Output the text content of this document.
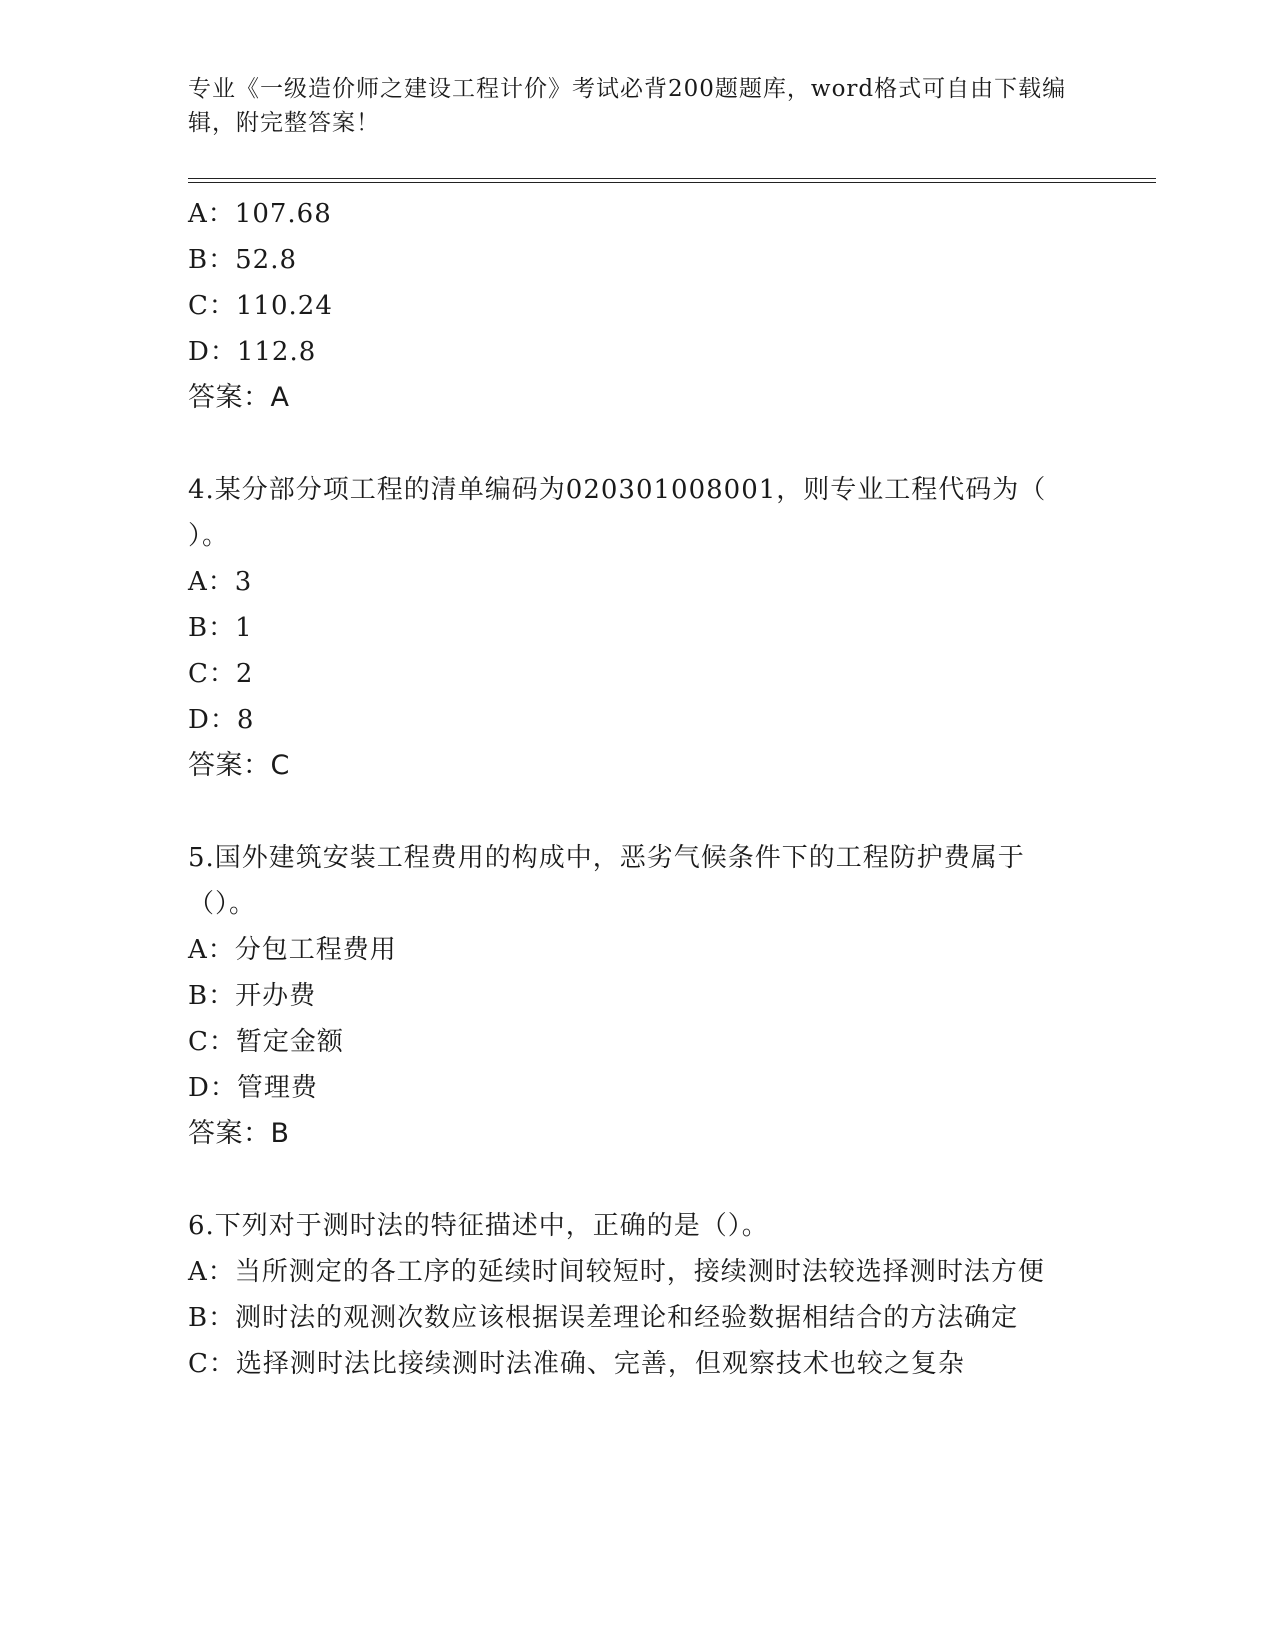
专业《一级造价师之建设工程计价》考试必背200题题库，word格式可自由下载编辑，附完整答案！
A：107.68
B：52.8
C：110.24
D：112.8
答案：A
4.某分部分项工程的清单编码为020301008001，则专业工程代码为（ ）。
A：3
B：1
C：2
D：8
答案：C
5.国外建筑安装工程费用的构成中，恶劣气候条件下的工程防护费属于（）。
A：分包工程费用
B：开办费
C：暂定金额
D：管理费
答案：B
6.下列对于测时法的特征描述中，正确的是（）。
A：当所测定的各工序的延续时间较短时，接续测时法较选择测时法方便
B：测时法的观测次数应该根据误差理论和经验数据相结合的方法确定
C：选择测时法比接续测时法准确、完善，但观察技术也较之复杂
